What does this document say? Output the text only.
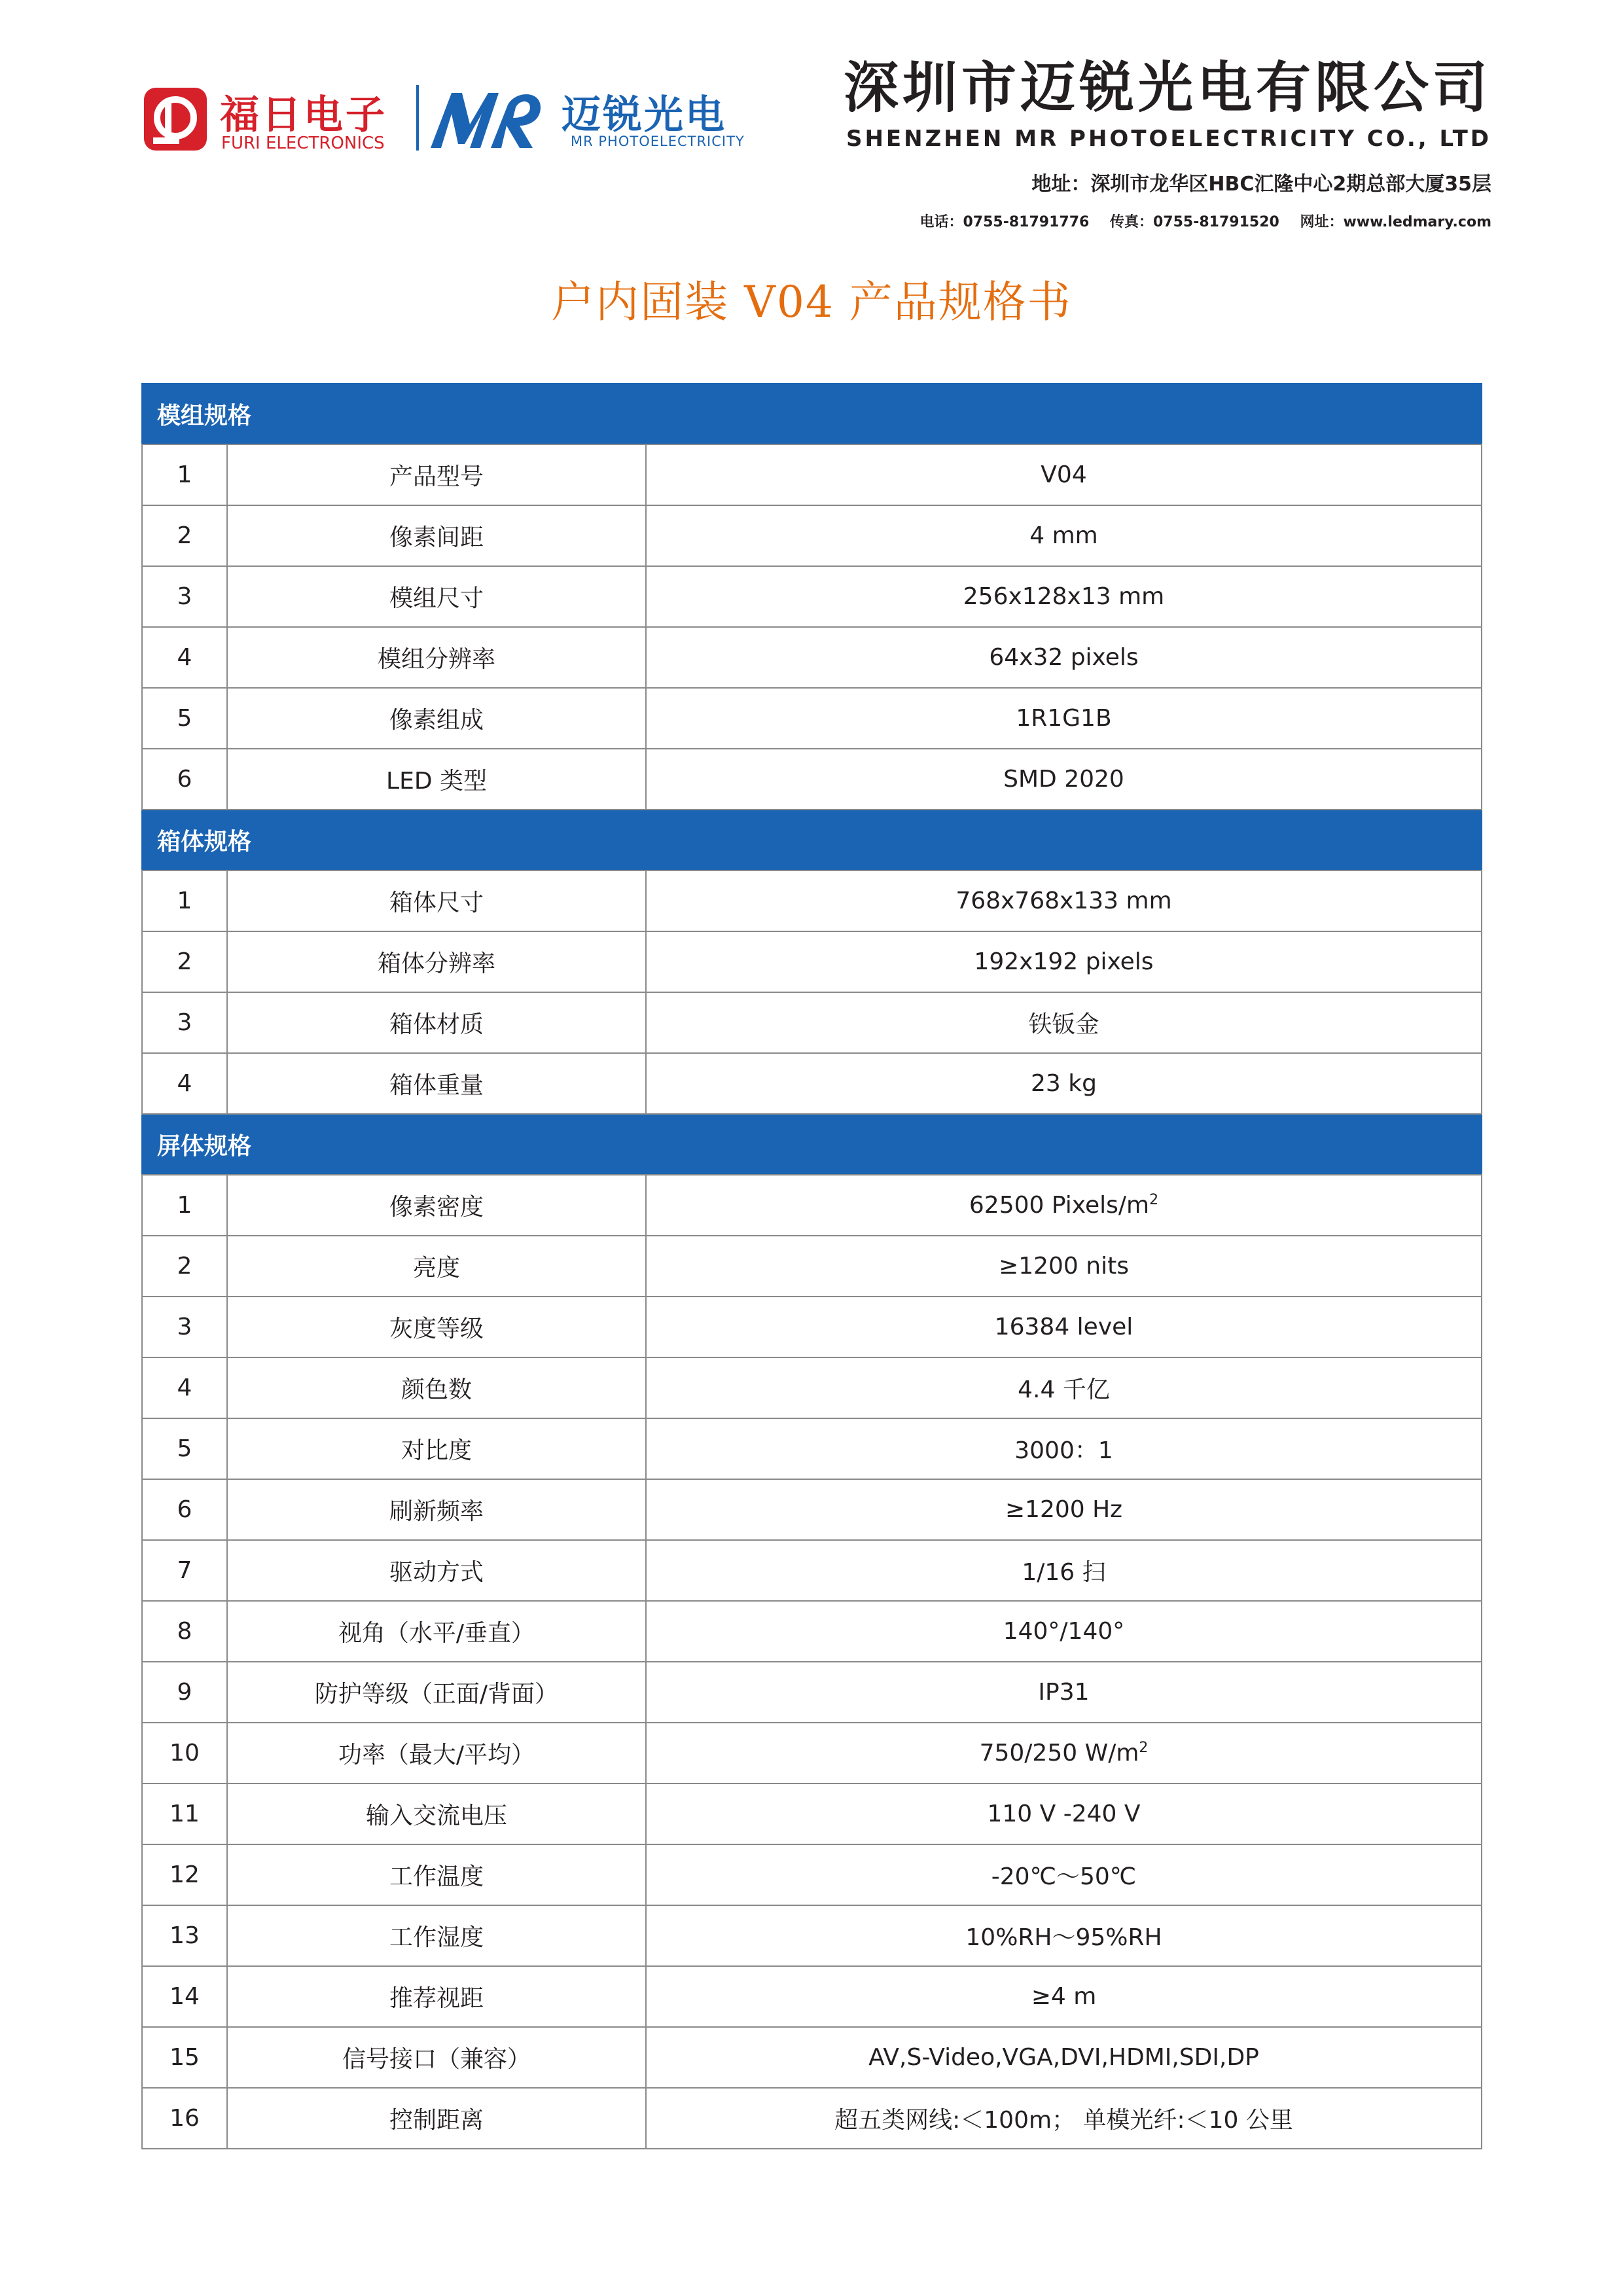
福日电子
FURI ELECTRONICS
迈锐光电
MR PHOTOELECTRICITY
深圳市迈锐光电有限公司
SHENZHEN MR PHOTOELECTRICITY CO., LTD
地址：深圳市龙华区HBC汇隆中心2期总部大厦35层
电话：0755-81791776 传真：0755-81791520 网址：www.ledmary.com
户内固装 V04 产品规格书
模组规格		
1	产品型号	V04
2	像素间距	4 mm
3	模组尺寸	256x128x13 mm
4	模组分辨率	64x32 pixels
5	像素组成	1R1G1B
6	LED 类型	SMD 2020
箱体规格		
1	箱体尺寸	768x768x133 mm
2	箱体分辨率	192x192 pixels
3	箱体材质	铁钣金
4	箱体重量	23 kg
屏体规格		
1	像素密度	62500 Pixels/$m^2$
2	亮度	≥1200 nits
3	灰度等级	16384 level
4	颜色数	4.4 千亿
5	对比度	3000：1
6	刷新频率	≥1200 Hz
7	驱动方式	1/16 扫
8	视角（水平/垂直）	140°/140°
9	防护等级（正面/背面）	IP31
10	功率（最大/平均）	750/250 $W/m^2$
11	输入交流电压	110 V -240 V
12	工作温度	-20℃～50℃
13	工作湿度	10%RH～95%RH
14	推荐视距	≥4 m
15	信号接口（兼容）	AV,S-Video,VGA,DVI,HDMI,SDI,DP
16	控制距离	超五类网线:＜100m； 单模光纤:＜10 公里
